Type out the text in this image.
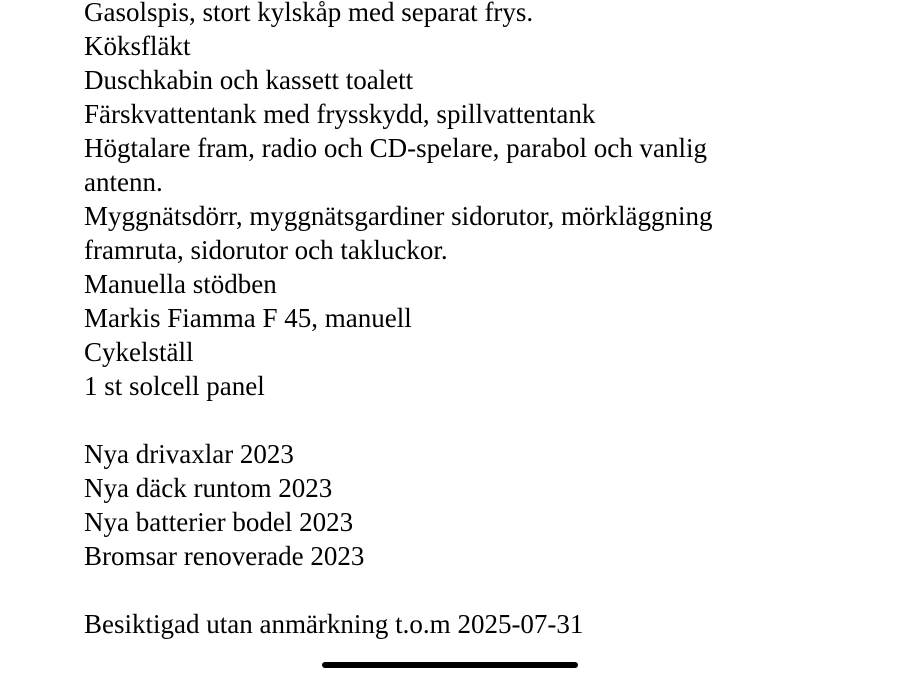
Gasolspis, stort kylskåp med separat frys.

Köksfläkt

Duschkabin och kassett toalett

Färskvattentank med frysskydd, spillvattentank

Högtalare fram, radio och CD-spelare, parabol och vanlig

antenn.

Myggnätsdörr, myggnätsgardiner sidorutor, mörkläggning

framruta, sidorutor och takluckor.

Manuella stödben

Markis Fiamma F 45, manuell

Cykelställ

1 st solcell panel

Nya drivaxlar 2023

Nya däck runtom 2023

Nya batterier bodel 2023

Bromsar renoverade 2023

Besiktigad utan anmärkning t.o.m 2025-07-31
